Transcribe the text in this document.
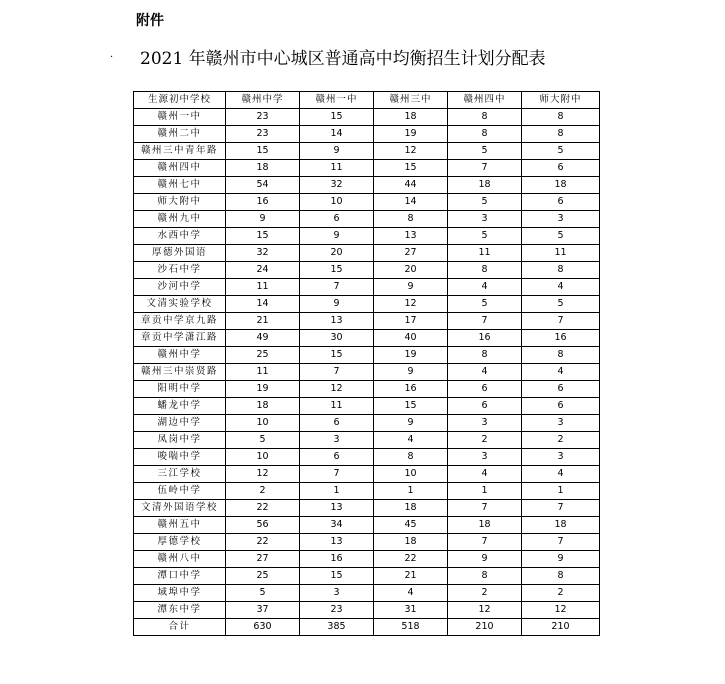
附件
· 2021 年赣州市中心城区普通高中均衡招生计划分配表
生源初中学校	赣州中学	赣州一中	赣州三中	赣州四中	师大附中
赣州一中	23	15	18	8	8
赣州二中	23	14	19	8	8
赣州三中青年路	15	9	12	5	5
赣州四中	18	11	15	7	6
赣州七中	54	32	44	18	18
师大附中	16	10	14	5	6
赣州九中	9	6	8	3	3
水西中学	15	9	13	5	5
厚德外国语	32	20	27	11	11
沙石中学	24	15	20	8	8
沙河中学	11	7	9	4	4
文清实验学校	14	9	12	5	5
章贡中学京九路	21	13	17	7	7
章贡中学潇江路	49	30	40	16	16
赣州中学	25	15	19	8	8
赣州三中崇贤路	11	7	9	4	4
阳明中学	19	12	16	6	6
蟠龙中学	18	11	15	6	6
湖边中学	10	6	9	3	3
凤岗中学	5	3	4	2	2
唆喘中学	10	6	8	3	3
三江学校	12	7	10	4	4
伍岭中学	2	1	1	1	1
文清外国语学校	22	13	18	7	7
赣州五中	56	34	45	18	18
厚德学校	22	13	18	7	7
赣州八中	27	16	22	9	9
潭口中学	25	15	21	8	8
域埠中学	5	3	4	2	2
潭东中学	37	23	31	12	12
合计	630	385	518	210	210
